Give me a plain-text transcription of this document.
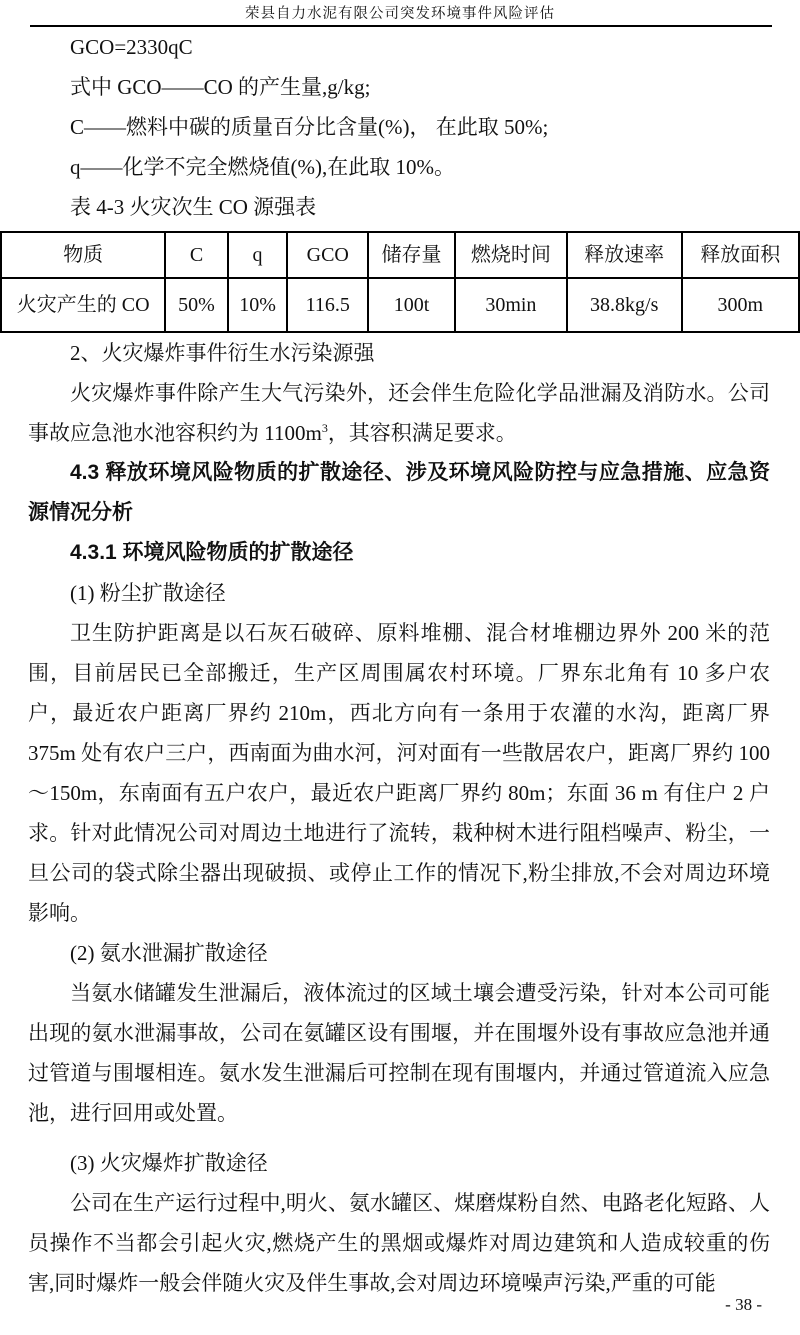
荣县自力水泥有限公司突发环境事件风险评估

GCO=2330qC

式中 GCO——CO 的产生量,g/kg;

C——燃料中碳的质量百分比含量(%)， 在此取 50%;

q——化学不完全燃烧值(%),在此取 10%。

表 4-3 火灾次生 CO 源强表

物质	C	q	GCO	储存量	燃烧时间	释放速率	释放面积
火灾产生的 CO	50%	10%	116.5	100t	30min	38.8kg/s	300m

2、火灾爆炸事件衍生水污染源强

火灾爆炸事件除产生大气污染外，还会伴生危险化学品泄漏及消防水。公司事故应急池水池容积约为 $1100m^3$，其容积满足要求。

4.3 释放环境风险物质的扩散途径、涉及环境风险防控与应急措施、应急资源情况分析

4.3.1 环境风险物质的扩散途径

(1) 粉尘扩散途径

卫生防护距离是以石灰石破碎、原料堆棚、混合材堆棚边界外 200 米的范围，目前居民已全部搬迁，生产区周围属农村环境。厂界东北角有 10 多户农户，最近农户距离厂界约 210m，西北方向有一条用于农灌的水沟，距离厂界 375m 处有农户三户，西南面为曲水河，河对面有一些散居农户，距离厂界约 100～150m，东南面有五户农户，最近农户距离厂界约 80m；东面 36 m 有住户 2 户求。针对此情况公司对周边土地进行了流转，栽种树木进行阻档噪声、粉尘，一旦公司的袋式除尘器出现破损、或停止工作的情况下,粉尘排放,不会对周边环境影响。

(2) 氨水泄漏扩散途径

当氨水储罐发生泄漏后，液体流过的区域土壤会遭受污染，针对本公司可能出现的氨水泄漏事故，公司在氨罐区设有围堰，并在围堰外设有事故应急池并通过管道与围堰相连。氨水发生泄漏后可控制在现有围堰内，并通过管道流入应急池，进行回用或处置。

(3) 火灾爆炸扩散途径

公司在生产运行过程中,明火、氨水罐区、煤磨煤粉自然、电路老化短路、人员操作不当都会引起火灾,燃烧产生的黑烟或爆炸对周边建筑和人造成较重的伤害,同时爆炸一般会伴随火灾及伴生事故,会对周边环境噪声污染,严重的可能

- 38 -
